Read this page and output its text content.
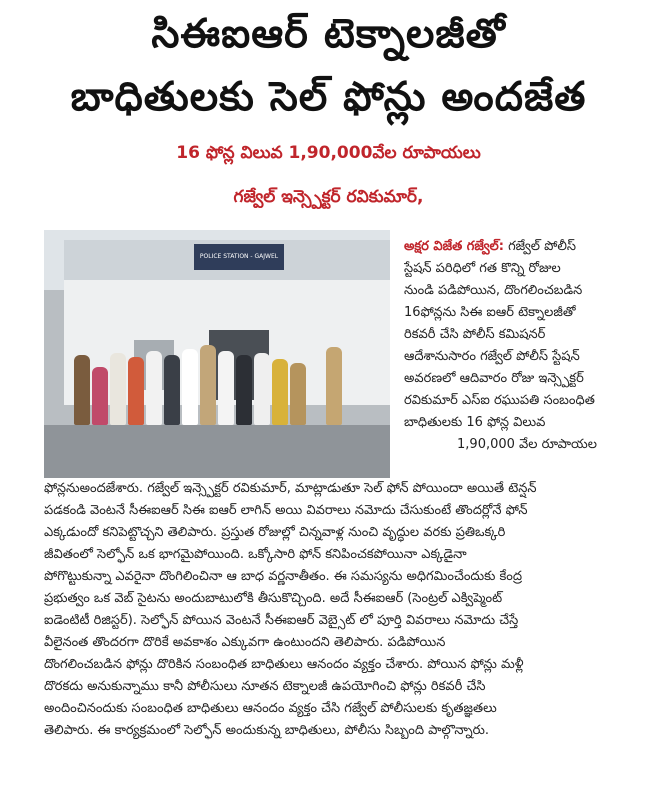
సిఈఐఆర్ టెక్నాలజీతో
బాధితులకు సెల్ ఫోన్లు అందజేత
16 ఫోన్ల విలువ 1,90,000వేల రూపాయలు
గజ్వేల్ ఇన్స్పెక్టర్ రవికుమార్,
POLICE STATION - GAJWEL
అక్షర విజేత గజ్వేల్: గజ్వేల్ పోలీస్
స్టేషన్ పరిధిలో గత కొన్ని రోజుల
నుండి పడిపోయిన, దొంగలించబడిన
16ఫోన్లను సిఈ ఐఆర్ టెక్నాలజీతో
రికవరీ చేసి పోలీస్ కమిషనర్
ఆదేశానుసారం గజ్వేల్ పోలీస్ స్టేషన్
అవరణలో ఆదివారం రోజు ఇన్స్పెక్టర్
రవికుమార్ ఎస్ఐ రఘుపతి సంబంధిత
బాధితులకు 16 ఫోన్ల విలువ
1,90,000 వేల రూపాయల
ఫోన్లనుఅందజేశారు. గజ్వేల్ ఇన్స్పెక్టర్ రవికుమార్, మాట్లాడుతూ సెల్ ఫోన్ పోయిందా అయితే టెన్షన్
పడకండి వెంటనే సీఈఐఆర్ సిఈ ఐఆర్ లాగిన్ అయి వివరాలు నమోదు చేసుకుంటే తొందర్లోనే ఫోన్
ఎక్కడుందో కనిపెట్టొచ్చని తెలిపారు. ప్రస్తుత రోజుల్లో చిన్నవాళ్ల నుంచి వృద్ధుల వరకు ప్రతిఒక్కరి
జీవితంలో సెల్ఫోన్ ఒక భాగమైపోయింది. ఒక్కోసారి ఫోన్ కనిపించకపోయినా ఎక్కడైనా
పోగొట్టుకున్నా ఎవరైనా దొంగిలించినా ఆ బాధ వర్ణనాతీతం. ఈ సమస్యను అధిగమించేందుకు కేంద్ర
ప్రభుత్వం ఒక వెబ్ సైటను అందుబాటులోకి తీసుకొచ్చింది. అదే సీఈఐఆర్ (సెంట్రల్ ఎక్విప్మెంట్
ఐడెంటిటీ రిజిస్టర్). సెల్ఫోన్ పోయిన వెంటనే సీఈఐఆర్ వెబ్సైట్ లో పూర్తి వివరాలు నమోదు చేస్తే
వీలైనంత తొందరగా దొరికే అవకాశం ఎక్కువగా ఉంటుందని తెలిపారు. పడిపోయిన
దొంగలించబడిన ఫోన్లు దొరికిన సంబంధిత బాధితులు ఆనందం వ్యక్తం చేశారు. పోయిన ఫోన్లు మళ్లీ
దొరకదు అనుకున్నాము కానీ పోలీసులు నూతన టెక్నాలజీ ఉపయోగించి ఫోన్లు రికవరీ చేసి
అందించినందుకు సంబంధిత బాధితులు ఆనందం వ్యక్తం చేసి గజ్వేల్ పోలీసులకు కృతజ్ఞతలు
తెలిపారు. ఈ కార్యక్రమంలో సెల్ఫోన్ అందుకున్న బాధితులు, పోలీసు సిబ్బంది పాల్గొన్నారు.
